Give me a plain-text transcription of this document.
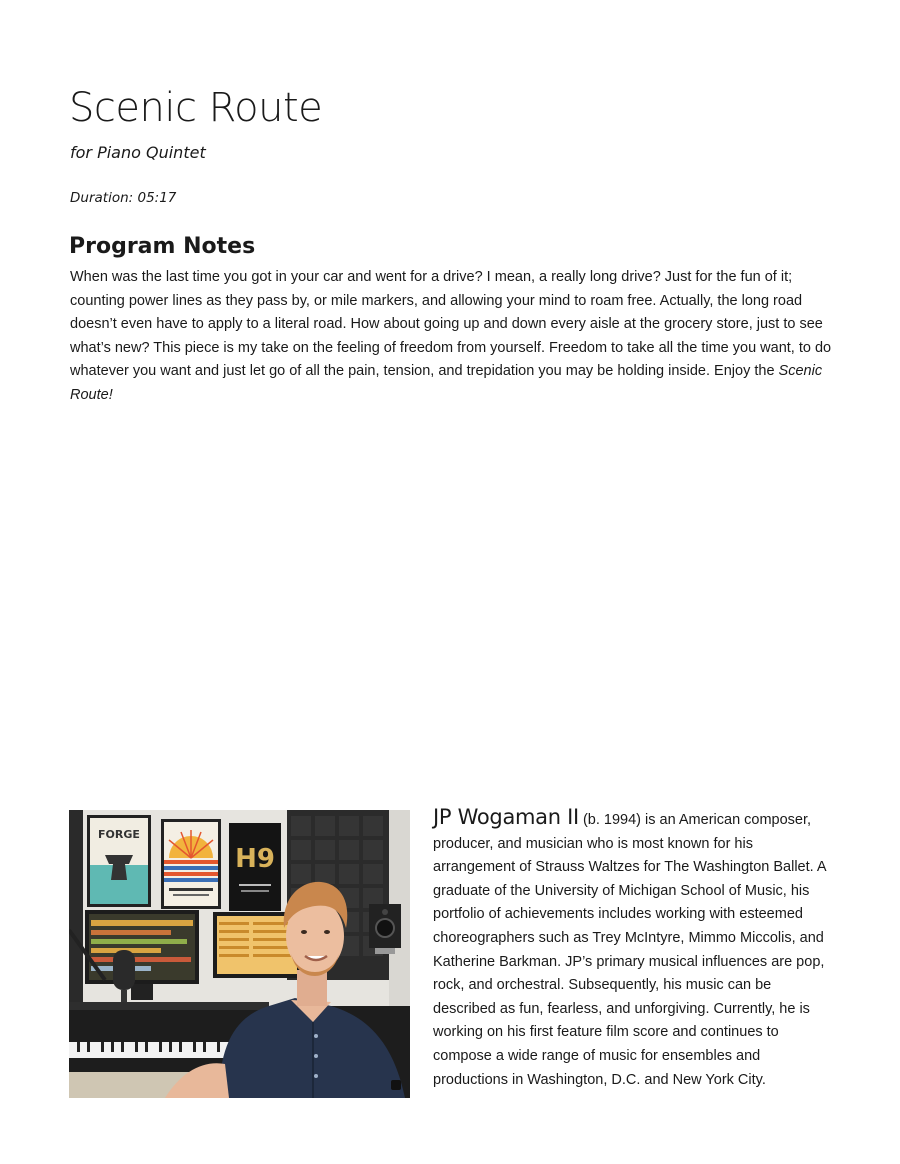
Scenic Route
for Piano Quintet
Duration: 05:17
Program Notes

When was the last time you got in your car and went for a drive? I mean, a really long drive? Just for the fun of it; counting power lines as they pass by, or mile markers, and allowing your mind to roam free. Actually, the long road doesn’t even have to apply to a literal road. How about going up and down every aisle at the grocery store, just to see what’s new? This piece is my take on the feeling of freedom from yourself. Freedom to take all the time you want, to do whatever you want and just let go of all the pain, tension, and trepidation you may be holding inside. Enjoy the Scenic Route!

FORGE
H9

JP Wogaman II (b. 1994) is an American composer, producer, and musician who is most known for his arrangement of Strauss Waltzes for The Washington Ballet. A graduate of the University of Michigan School of Music, his portfolio of achievements includes working with esteemed choreographers such as Trey McIntyre, Mimmo Miccolis, and Katherine Barkman. JP’s primary musical influences are pop, rock, and orchestral. Subsequently, his music can be described as fun, fearless, and unforgiving. Currently, he is working on his first feature film score and continues to compose a wide range of music for ensembles and productions in Washington, D.C. and New York City.
